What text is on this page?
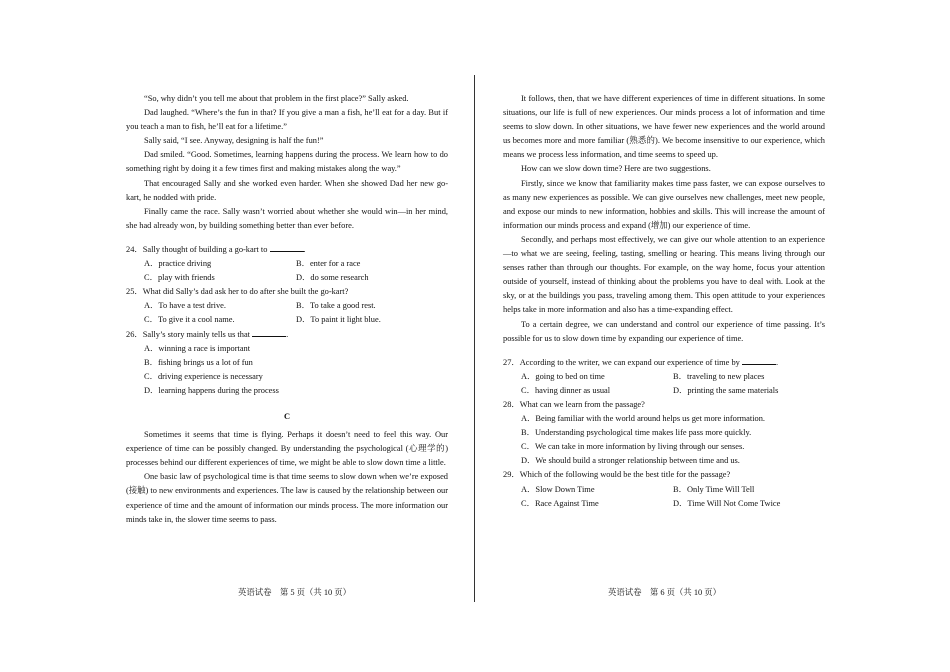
“So, why didn’t you tell me about that problem in the first place?” Sally asked.

Dad laughed. “Where’s the fun in that? If you give a man a fish, he’ll eat for a day. But if you teach a man to fish, he’ll eat for a lifetime.”

Sally said, “I see. Anyway, designing is half the fun!”

Dad smiled. “Good. Sometimes, learning happens during the process. We learn how to do something right by doing it a few times first and making mistakes along the way.”

That encouraged Sally and she worked even harder. When she showed Dad her new go-kart, he nodded with pride.

Finally came the race. Sally wasn’t worried about whether she would win—in her mind, she had already won, by building something better than ever before.

24．Sally thought of building a go-kart to	.

A．practice driving	B．enter for a race
C．play with friends	D．do some research

25．What did Sally’s dad ask her to do after she built the go-kart?

A．To have a test drive.	B．To take a good rest.
C．To give it a cool name.	D．To paint it light blue.

26．Sally’s story mainly tells us that	.

A．winning a race is important
B．fishing brings us a lot of fun
C．driving experience is necessary
D．learning happens during the process
C

Sometimes it seems that time is flying. Perhaps it doesn’t need to feel this way. Our experience of time can be possibly changed. By understanding the psychological (心理学的) processes behind our different experiences of time, we might be able to slow down time a little.

One basic law of psychological time is that time seems to slow down when we’re exposed (接触) to new environments and experiences. The law is caused by the relationship between our experience of time and the amount of information our minds process. The more information our minds take in, the slower time seems to pass.

英语试卷　第 5 页（共 10 页）

It follows, then, that we have different experiences of time in different situations. In some situations, our life is full of new experiences. Our minds process a lot of information and time seems to slow down. In other situations, we have fewer new experiences and the world around us becomes more and more familiar (熟悉的). We become insensitive to our experience, which means we process less information, and time seems to speed up.

How can we slow down time? Here are two suggestions.

Firstly, since we know that familiarity makes time pass faster, we can expose ourselves to as many new experiences as possible. We can give ourselves new challenges, meet new people, and expose our minds to new information, hobbies and skills. This will increase the amount of information our minds process and expand (增加) our experience of time.

Secondly, and perhaps most effectively, we can give our whole attention to an experience—to what we are seeing, feeling, tasting, smelling or hearing. This means living through our senses rather than through our thoughts. For example, on the way home, focus your attention outside of yourself, instead of thinking about the problems you have to deal with. Look at the sky, or at the buildings you pass, traveling among them. This open attitude to your experiences helps take in more information and also has a time-expanding effect.

To a certain degree, we can understand and control our experience of time passing. It’s possible for us to slow down time by expanding our experience of time.

27．According to the writer, we can expand our experience of time by	.

A．going to bed on time	B．traveling to new places
C．having dinner as usual	D．printing the same materials

28．What can we learn from the passage?

A．Being familiar with the world around helps us get more information.
B．Understanding psychological time makes life pass more quickly.
C．We can take in more information by living through our senses.
D．We should build a stronger relationship between time and us.

29．Which of the following would be the best title for the passage?

A．Slow Down Time	B．Only Time Will Tell
C．Race Against Time	D．Time Will Not Come Twice
英语试卷　第 6 页（共 10 页）
